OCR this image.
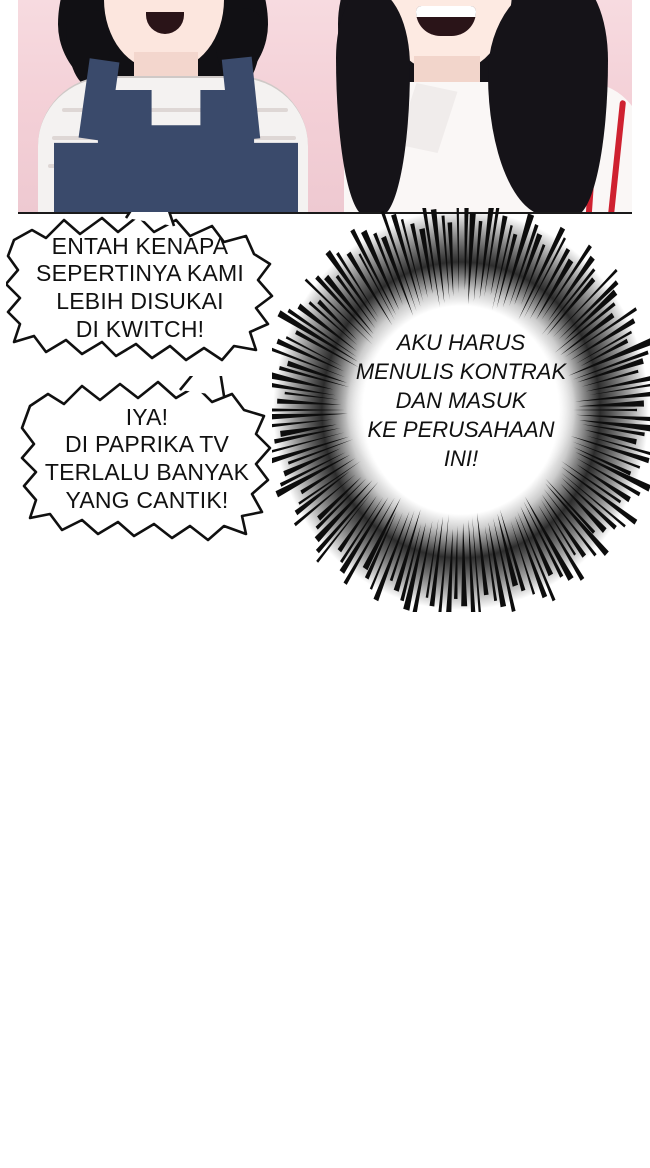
AKU HARUS
MENULIS KONTRAK
DAN MASUK
KE PERUSAHAAN
INI!
ENTAH KENAPA
SEPERTINYA KAMI
LEBIH DISUKAI
DI KWITCH!
IYA!
DI PAPRIKA TV
TERLALU BANYAK
YANG CANTIK!
